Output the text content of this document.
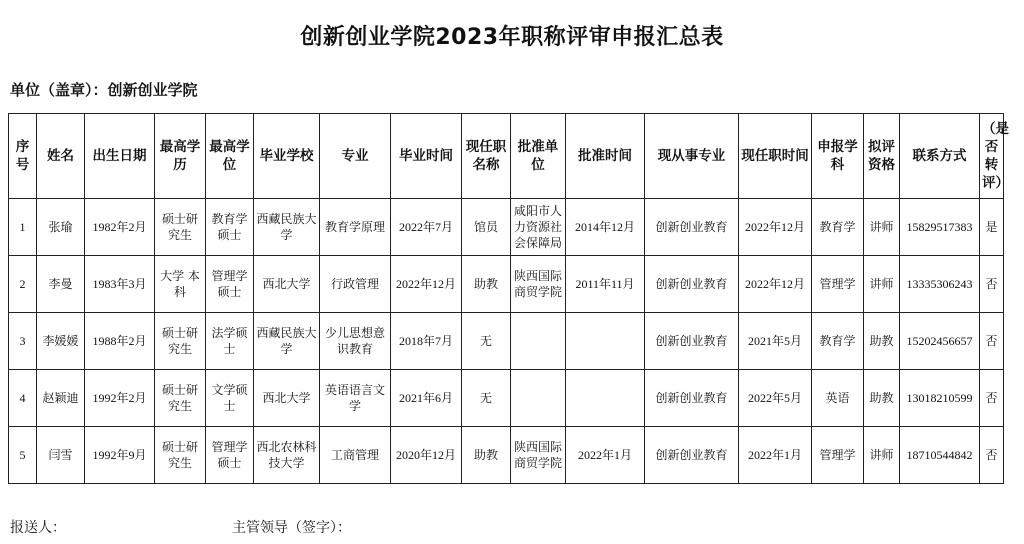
创新创业学院2023年职称评审申报汇总表
单位（盖章）：创新创业学院
序号	姓名	出生日期	最高学历	最高学位	毕业学校	专业	毕业时间	现任职名称	批准单位	批准时间	现从事专业	现任职时间	申报学科	拟评资格	联系方式	（是否转评）
1	张瑜	1982年2月	硕士研究生	教育学硕士	西藏民族大学	教育学原理	2022年7月	馆员	咸阳市人力资源社会保障局	2014年12月	创新创业教育	2022年12月	教育学	讲师	15829517383	是
2	李曼	1983年3月	大学 本科	管理学硕士	西北大学	行政管理	2022年12月	助教	陕西国际商贸学院	2011年11月	创新创业教育	2022年12月	管理学	讲师	13335306243	否
3	李媛媛	1988年2月	硕士研究生	法学硕士	西藏民族大学	少儿思想意识教育	2018年7月	无			创新创业教育	2021年5月	教育学	助教	15202456657	否
4	赵颖迪	1992年2月	硕士研究生	文学硕士	西北大学	英语语言文学	2021年6月	无			创新创业教育	2022年5月	英语	助教	13018210599	否
5	闫雪	1992年9月	硕士研究生	管理学硕士	西北农林科技大学	工商管理	2020年12月	助教	陕西国际商贸学院	2022年1月	创新创业教育	2022年1月	管理学	讲师	18710544842	否
报送人：	主管领导（签字）：
